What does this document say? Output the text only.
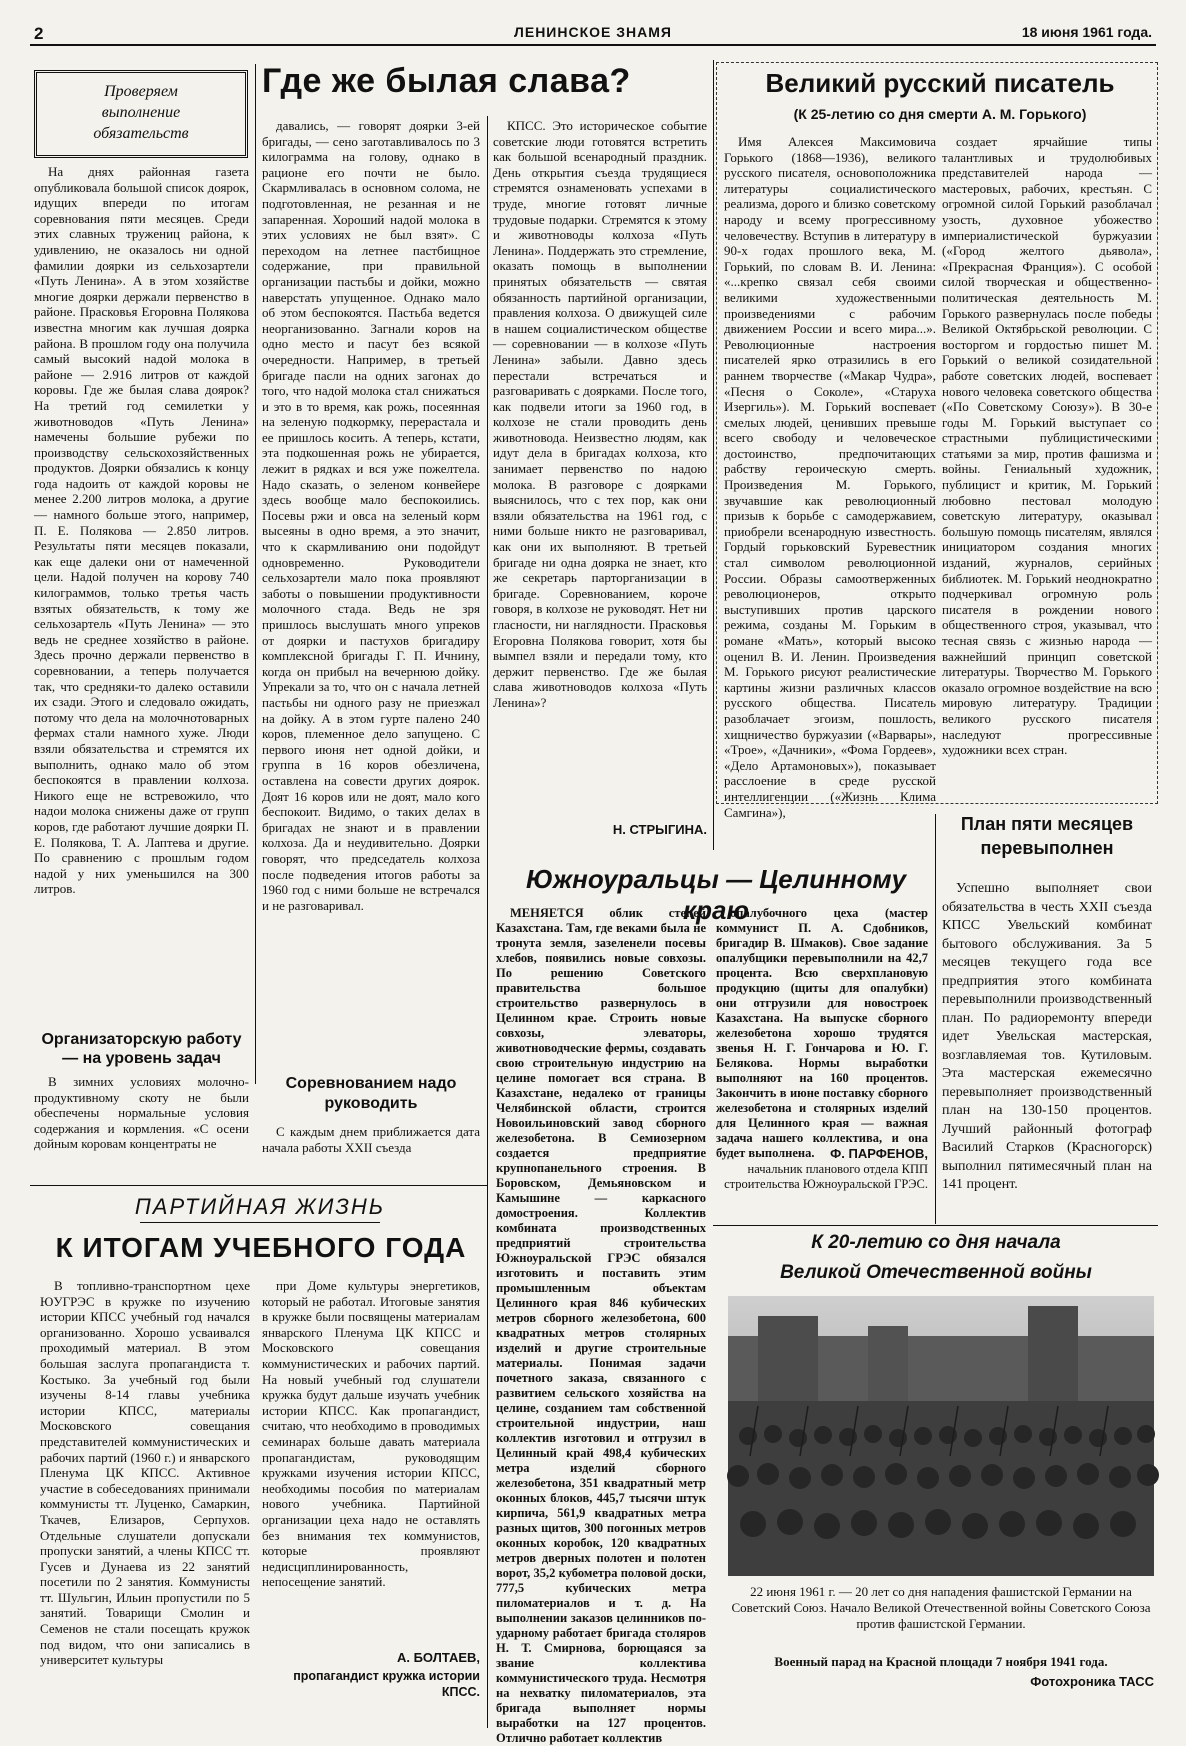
2	ЛЕНИНСКОЕ ЗНАМЯ	18 июня 1961 года.
Проверяем
выполнение
обязательств
Где же былая слава?

На днях районная газета опубликовала большой список доярок, идущих впереди по итогам соревнования пяти месяцев. Среди этих славных тружениц района, к удивлению, не оказалось ни одной фамилии доярки из сельхозартели «Путь Ленина». А в этом хозяйстве многие доярки держали первенство в районе. Прасковья Егоровна Полякова известна многим как лучшая доярка района. В прошлом году она получила самый высокий надой молока в районе — 2.916 литров от каждой коровы. Где же былая слава доярок? На третий год семилетки у животноводов «Путь Ленина» намечены большие рубежи по производству сельскохозяйственных продуктов. Доярки обязались к концу года надоить от каждой коровы не менее 2.200 литров молока, а другие — намного больше этого, например, П. Е. Полякова — 2.850 литров. Результаты пяти месяцев показали, как еще далеки они от намеченной цели. Надой получен на корову 740 килограммов, только третья часть взятых обязательств, к тому же сельхозартель «Путь Ленина» — это ведь не среднее хозяйство в районе. Здесь прочно держали первенство в соревновании, а теперь получается так, что средняки-то далеко оставили их сзади. Этого и следовало ожидать, потому что дела на молочнотоварных фермах стали намного хуже. Люди взяли обязательства и стремятся их выполнить, однако мало об этом беспокоятся в правлении колхоза. Никого еще не встревожило, что надои молока снижены даже от групп коров, где работают лучшие доярки П. Е. Полякова, Т. А. Лаптева и другие. По сравнению с прошлым годом надой у них уменьшился на 300 литров.

Организаторскую работу — на уровень задач

В зимних условиях молочно-продуктивному скоту не были обеспечены нормальные условия содержания и кормления. «С осени дойным коровам концентраты не

давались, — говорят доярки 3-ей бригады, — сено заготавливалось по 3 килограмма на голову, однако в рационе его почти не было. Скармливалась в основном солома, не подготовленная, не резанная и не запаренная. Хороший надой молока в этих условиях не был взят». С переходом на летнее пастбищное содержание, при правильной организации пастьбы и дойки, можно наверстать упущенное. Однако мало об этом беспокоятся. Пастьба ведется неорганизованно. Загнали коров на одно место и пасут без всякой очередности. Например, в третьей бригаде пасли на одних загонах до того, что надой молока стал снижаться и это в то время, как рожь, посеянная на зеленую подкормку, перерастала и ее пришлось косить. А теперь, кстати, эта подкошенная рожь не убирается, лежит в рядках и вся уже пожелтела. Надо сказать, о зеленом конвейере здесь вообще мало беспокоились. Посевы ржи и овса на зеленый корм высеяны в одно время, а это значит, что к скармливанию они подойдут одновременно. Руководители сельхозартели мало пока проявляют заботы о повышении продуктивности молочного стада. Ведь не зря пришлось выслушать много упреков от доярки и пастухов бригадиру комплексной бригады Г. П. Ичнину, когда он прибыл на вечернюю дойку. Упрекали за то, что он с начала летней пастьбы ни одного разу не приезжал на дойку. А в этом гурте палено 240 коров, племенное дело запущено. С первого июня нет одной дойки, и группа в 16 коров обезличена, оставлена на совести других доярок. Доят 16 коров или не доят, мало кого беспокоит. Видимо, о таких делах в бригадах не знают и в правлении колхоза. Да и неудивительно. Доярки говорят, что председатель колхоза после подведения итогов работы за 1960 год с ними больше не встречался и не разговаривал.

Соревнованием надо руководить

С каждым днем приближается дата начала работы XXII съезда

КПСС. Это историческое событие советские люди готовятся встретить как большой всенародный праздник. День открытия съезда трудящиеся стремятся ознаменовать успехами в труде, многие готовят личные трудовые подарки. Стремятся к этому и животноводы колхоза «Путь Ленина». Поддержать это стремление, оказать помощь в выполнении принятых обязательств — святая обязанность партийной организации, правления колхоза. О движущей силе в нашем социалистическом обществе — соревновании — в колхозе «Путь Ленина» забыли. Давно здесь перестали встречаться и разговаривать с доярками. После того, как подвели итоги за 1960 год, в колхозе не стали проводить день животновода. Неизвестно людям, как идут дела в бригадах колхоза, кто занимает первенство по надою молока. В разговоре с доярками выяснилось, что с тех пор, как они взяли обязательства на 1961 год, с ними больше никто не разговаривал, как они их выполняют. В третьей бригаде ни одна доярка не знает, кто же секретарь парторганизации в бригаде. Соревнованием, короче говоря, в колхозе не руководят. Нет ни гласности, ни наглядности. Прасковья Егоровна Полякова говорит, хотя бы вымпел взяли и передали тому, кто держит первенство. Где же былая слава животноводов колхоза «Путь Ленина»?

Н. СТРЫГИНА.
Великий русский писатель
(К 25-летию со дня смерти А. М. Горького)

Имя Алексея Максимовича Горького (1868—1936), великого русского писателя, основоположника литературы социалистического реализма, дорого и близко советскому народу и всему прогрессивному человечеству. Вступив в литературу в 90-х годах прошлого века, М. Горький, по словам В. И. Ленина: «...крепко связал себя своими великими художественными произведениями с рабочим движением России и всего мира...». Революционные настроения писателей ярко отразились в его раннем творчестве («Макар Чудра», «Песня о Соколе», «Старуха Изергиль»). М. Горький воспевает смелых людей, ценивших превыше всего свободу и человеческое достоинство, предпочитающих рабству героическую смерть. Произведения М. Горького, звучавшие как революционный призыв к борьбе с самодержавием, приобрели всенародную известность. Гордый горьковский Буревестник стал символом революционной России. Образы самоотверженных революционеров, открыто выступивших против царского режима, созданы М. Горьким в романе «Мать», который высоко оценил В. И. Ленин. Произведения М. Горького рисуют реалистические картины жизни различных классов русского общества. Писатель разоблачает эгоизм, пошлость, хищничество буржуазии («Варвары», «Трое», «Дачники», «Фома Гордеев», «Дело Артамоновых»), показывает расслоение в среде русской интеллигенции («Жизнь Клима Самгина»),

создает ярчайшие типы талантливых и трудолюбивых представителей народа — мастеровых, рабочих, крестьян. С огромной силой Горький разоблачал узость, духовное убожество империалистической буржуазии («Город желтого дьявола», «Прекрасная Франция»). С особой силой творческая и общественно-политическая деятельность М. Горького развернулась после победы Великой Октябрьской революции. С восторгом и гордостью пишет М. Горький о великой созидательной работе советских людей, воспевает нового человека советского общества («По Советскому Союзу»). В 30-е годы М. Горький выступает со страстными публицистическими статьями за мир, против фашизма и войны. Гениальный художник, публицист и критик, М. Горький любовно пестовал молодую советскую литературу, оказывал большую помощь писателям, являлся инициатором создания многих изданий, журналов, серийных библиотек. М. Горький неоднократно подчеркивал огромную роль писателя в рождении нового общественного строя, указывал, что тесная связь с жизнью народа — важнейший принцип советской литературы. Творчество М. Горького оказало огромное воздействие на всю мировую литературу. Традиции великого русского писателя наследуют прогрессивные художники всех стран.

Южноуральцы — Целинному краю

МЕНЯЕТСЯ облик степей Казахстана. Там, где веками была не тронута земля, зазеленели посевы хлебов, появились новые совхозы. По решению Советского правительства большое строительство развернулось в Целинном крае. Строить новые совхозы, элеваторы, животноводческие фермы, создавать свою строительную индустрию на целине помогает вся страна. В Казахстане, недалеко от границы Челябинской области, строится Новоильиновский завод сборного железобетона. В Семиозерном создается предприятие крупнопанельного строения. В Боровском, Демьяновском и Камышине — каркасного домостроения. Коллектив комбината производственных предприятий строительства Южноуральской ГРЭС обязался изготовить и поставить этим промышленным объектам Целинного края 846 кубических метров сборного железобетона, 600 квадратных метров столярных изделий и другие строительные материалы. Понимая задачи почетного заказа, связанного с развитием сельского хозяйства на целине, созданием там собственной строительной индустрии, наш коллектив изготовил и отгрузил в Целинный край 498,4 кубических метра изделий сборного железобетона, 351 квадратный метр оконных блоков, 445,7 тысячи штук кирпича, 561,9 квадратных метра разных щитов, 300 погонных метров оконных коробок, 120 квадратных метров дверных полотен и полотен ворот, 35,2 кубометра половой доски, 777,5 кубических метра пиломатериалов и т. д. На выполнении заказов целинников по-ударному работает бригада столяров Н. Т. Смирнова, борющаяся за звание коллектива коммунистического труда. Несмотря на нехватку пиломатериалов, эта бригада выполняет нормы выработки на 127 процентов. Отлично работает коллектив

опалубочного цеха (мастер коммунист П. А. Сдобников, бригадир В. Шмаков). Свое задание опалубщики перевыполнили на 42,7 процента. Всю сверхплановую продукцию (щиты для опалубки) они отгрузили для новостроек Казахстана. На выпуске сборного железобетона хорошо трудятся звенья Н. Г. Гончарова и Ю. Г. Белякова. Нормы выработки выполняют на 160 процентов. Закончить в июне поставку сборного железобетона и столярных изделий для Целинного края — важная задача нашего коллектива, и она будет выполнена.	Ф. ПАРФЕНОВ,
начальник планового отдела КПП строительства Южноуральской ГРЭС.
План пяти месяцев перевыполнен

Успешно выполняет свои обязательства в честь XXII съезда КПСС Увельский комбинат бытового обслуживания. За 5 месяцев текущего года все предприятия этого комбината перевыполнили производственный план. По радиоремонту впереди идет Увельская мастерская, возглавляемая тов. Кутиловым. Эта мастерская ежемесячно перевыполняет производственный план на 130-150 процентов. Лучший районный фотограф Василий Старков (Красногорск) выполнил пятимесячный план на 141 процент.

ПАРТИЙНАЯ ЖИЗНЬ
К ИТОГАМ УЧЕБНОГО ГОДА

В топливно-транспортном цехе ЮУГРЭС в кружке по изучению истории КПСС учебный год начался организованно. Хорошо усваивался проходимый материал. В этом большая заслуга пропагандиста т. Костыко. За учебный год были изучены 8-14 главы учебника истории КПСС, материалы Московского совещания представителей коммунистических и рабочих партий (1960 г.) и январского Пленума ЦК КПСС. Активное участие в собеседованиях принимали коммунисты тт. Луценко, Самаркин, Ткачев, Елизаров, Серпухов. Отдельные слушатели допускали пропуски занятий, а члены КПСС тт. Гусев и Дунаева из 22 занятий посетили по 2 занятия. Коммунисты тт. Шульгин, Ильин пропустили по 5 занятий. Товарищи Смолин и Семенов не стали посещать кружок под видом, что они записались в университет культуры

при Доме культуры энергетиков, который не работал. Итоговые занятия в кружке были посвящены материалам январского Пленума ЦК КПСС и Московского совещания коммунистических и рабочих партий. На новый учебный год слушатели кружка будут дальше изучать учебник истории КПСС. Как пропагандист, считаю, что необходимо в проводимых семинарах больше давать материала пропагандистам, руководящим кружками изучения истории КПСС, необходимы пособия по материалам нового учебника. Партийной организации цеха надо не оставлять без внимания тех коммунистов, которые проявляют недисциплинированность, непосещение занятий.

А. БОЛТАЕВ,
пропагандист кружка истории КПСС.
К 20-летию со дня начала
Великой Отечественной войны
22 июня 1961 г. — 20 лет со дня нападения фашистской Германии на Советский Союз. Начало Великой Отечественной войны Советского Союза против фашистской Германии.
Военный парад на Красной площади 7 ноября 1941 года.
Фотохроника ТАСС
